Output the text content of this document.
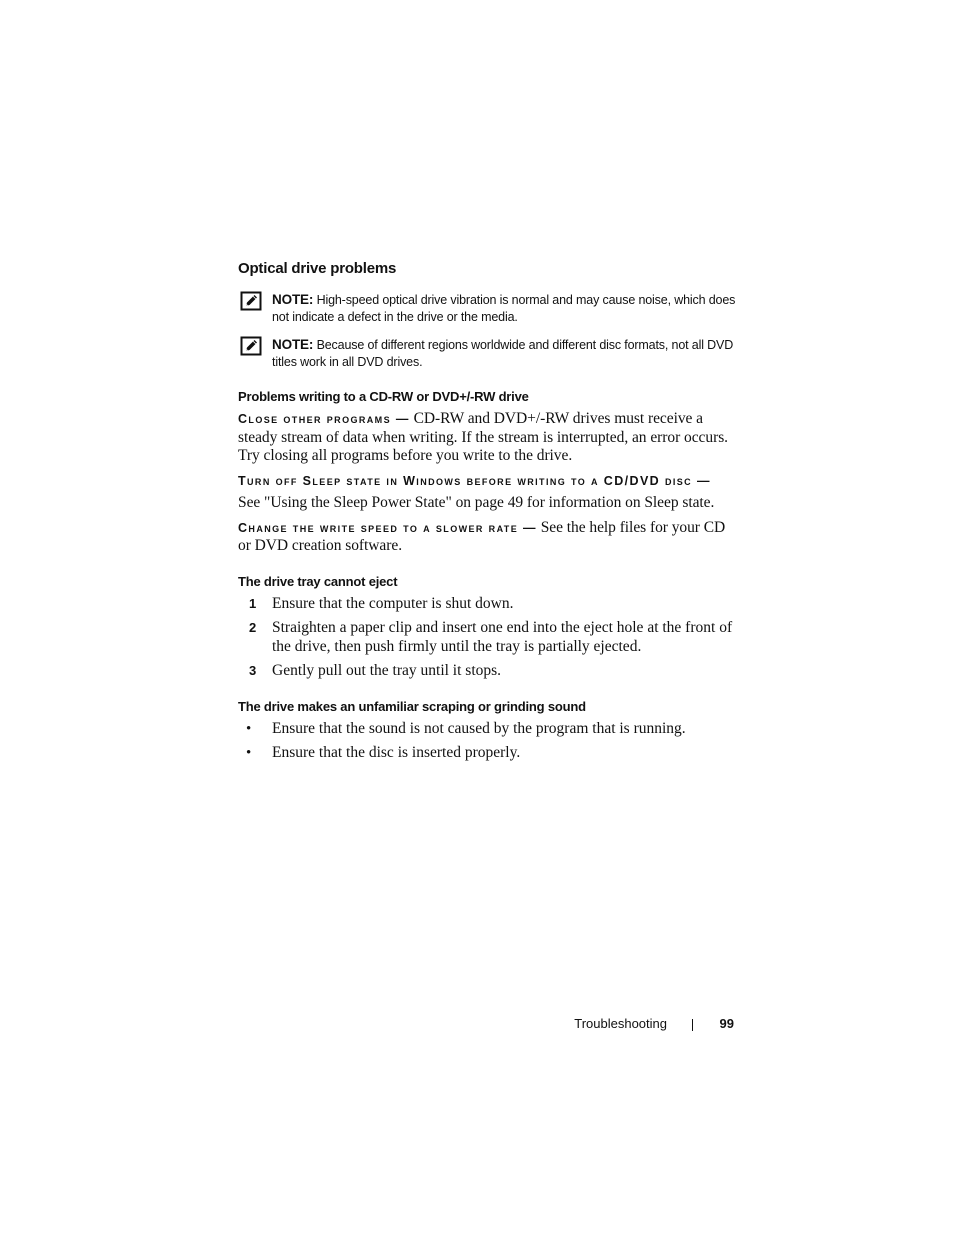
Optical drive problems
NOTE: High-speed optical drive vibration is normal and may cause noise, which does not indicate a defect in the drive or the media.
NOTE: Because of different regions worldwide and different disc formats, not all DVD titles work in all DVD drives.
Problems writing to a CD-RW or DVD+/-RW drive

Close other programs — CD-RW and DVD+/-RW drives must receive a steady stream of data when writing. If the stream is interrupted, an error occurs. Try closing all programs before you write to the drive.

Turn off Sleep state in Windows before writing to a CD/DVD disc —

See "Using the Sleep Power State" on page 49 for information on Sleep state.

Change the write speed to a slower rate — See the help files for your CD or DVD creation software.

The drive tray cannot eject
1 Ensure that the computer is shut down.
2 Straighten a paper clip and insert one end into the eject hole at the front of the drive, then push firmly until the tray is partially ejected.
3 Gently pull out the tray until it stops.
The drive makes an unfamiliar scraping or grinding sound
• Ensure that the sound is not caused by the program that is running.
• Ensure that the disc is inserted properly.
Troubleshooting	99
